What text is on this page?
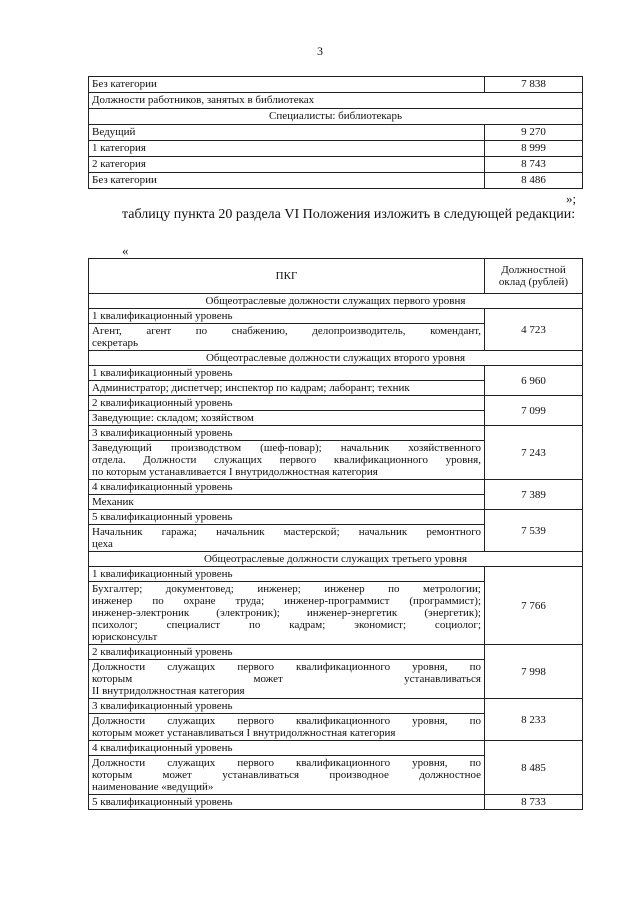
3
Без категории	7 838
Должности работников, занятых в библиотеках	
Специалисты: библиотекарь	
Ведущий	9 270
1 категория	8 999
2 категория	8 743
Без категории	8 486
»;
таблицу пункта 20 раздела VI Положения изложить в следующей редакции:
«
ПКГ	Должностной
оклад (рублей)

Общеотраслевые должности служащих первого уровня	
1 квалификационный уровень	4 723

Агент, агент по снабжению, делопроизводитель, комендант,
секретарь	

Общеотраслевые должности служащих второго уровня	
1 квалификационный уровень	6 960

Администратор; диспетчер; инспектор по кадрам; лаборант; техник	

2 квалификационный уровень	7 099

Заведующие: складом; хозяйством	

3 квалификационный уровень	7 243

Заведующий производством (шеф-повар); начальник хозяйственного
отдела. Должности служащих первого квалификационного уровня,
по которым устанавливается I внутридолжностная категория	

4 квалификационный уровень	7 389

Механик	

5 квалификационный уровень	7 539

Начальник гаража; начальник мастерской; начальник ремонтного
цеха	

Общеотраслевые должности служащих третьего уровня	
1 квалификационный уровень	7 766

Бухгалтер; документовед; инженер; инженер по метрологии;
инженер по охране труда; инженер-программист (программист);
инженер-электроник (электроник); инженер-энергетик (энергетик);
психолог; специалист по кадрам; экономист; социолог;
юрисконсульт	

2 квалификационный уровень	7 998

Должности служащих первого квалификационного уровня, по
которым может устанавливаться
II внутридолжностная категория	

3 квалификационный уровень	8 233

Должности служащих первого квалификационного уровня, по
которым может устанавливаться I внутридолжностная категория	

4 квалификационный уровень	8 485

Должности служащих первого квалификационного уровня, по
которым может устанавливаться производное должностное
наименование «ведущий»	

5 квалификационный уровень	8 733
